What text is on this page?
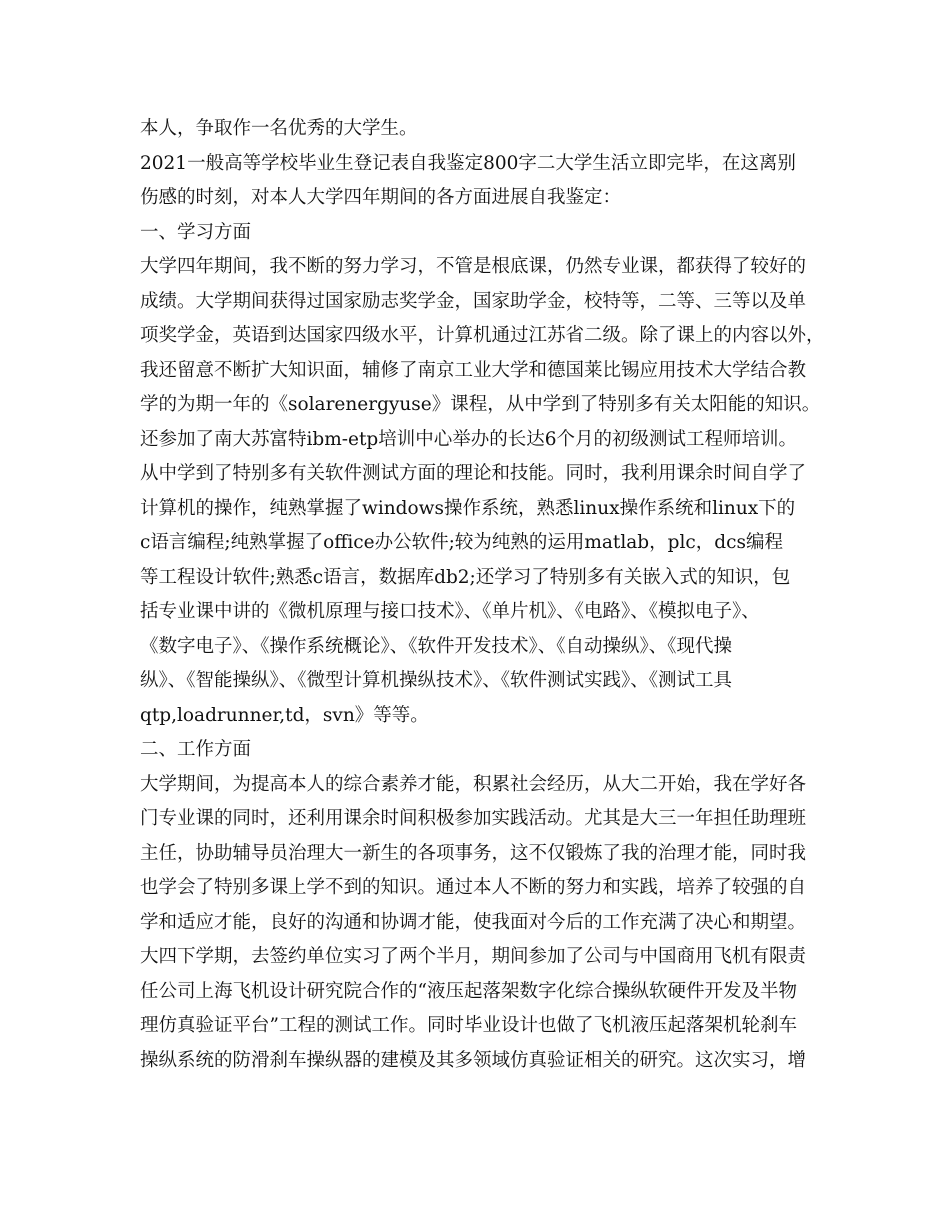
本人，争取作一名优秀的大学生。
2021一般高等学校毕业生登记表自我鉴定800字二大学生活立即完毕，在这离别
伤感的时刻，对本人大学四年期间的各方面进展自我鉴定：
一、学习方面
大学四年期间，我不断的努力学习，不管是根底课，仍然专业课，都获得了较好的
成绩。大学期间获得过国家励志奖学金，国家助学金，校特等，二等、三等以及单
项奖学金，英语到达国家四级水平，计算机通过江苏省二级。除了课上的内容以外，
我还留意不断扩大知识面，辅修了南京工业大学和德国莱比锡应用技术大学结合教
学的为期一年的《solarenergyuse》课程，从中学到了特别多有关太阳能的知识。
还参加了南大苏富特ibm-etp培训中心举办的长达6个月的初级测试工程师培训。
从中学到了特别多有关软件测试方面的理论和技能。同时，我利用课余时间自学了
计算机的操作，纯熟掌握了windows操作系统，熟悉linux操作系统和linux下的
c语言编程;纯熟掌握了office办公软件;较为纯熟的运用matlab，plc，dcs编程
等工程设计软件;熟悉c语言，数据库db2;还学习了特别多有关嵌入式的知识，包
括专业课中讲的《微机原理与接口技术》、《单片机》、《电路》、《模拟电子》、
《数字电子》、《操作系统概论》、《软件开发技术》、《自动操纵》、《现代操
纵》、《智能操纵》、《微型计算机操纵技术》、《软件测试实践》、《测试工具
qtp,loadrunner,td，svn》等等。
二、工作方面
大学期间，为提高本人的综合素养才能，积累社会经历，从大二开始，我在学好各
门专业课的同时，还利用课余时间积极参加实践活动。尤其是大三一年担任助理班
主任，协助辅导员治理大一新生的各项事务，这不仅锻炼了我的治理才能，同时我
也学会了特别多课上学不到的知识。通过本人不断的努力和实践，培养了较强的自
学和适应才能，良好的沟通和协调才能，使我面对今后的工作充满了决心和期望。
大四下学期，去签约单位实习了两个半月，期间参加了公司与中国商用飞机有限责
任公司上海飞机设计研究院合作的“液压起落架数字化综合操纵软硬件开发及半物
理仿真验证平台”工程的测试工作。同时毕业设计也做了飞机液压起落架机轮刹车
操纵系统的防滑刹车操纵器的建模及其多领域仿真验证相关的研究。这次实习，增
